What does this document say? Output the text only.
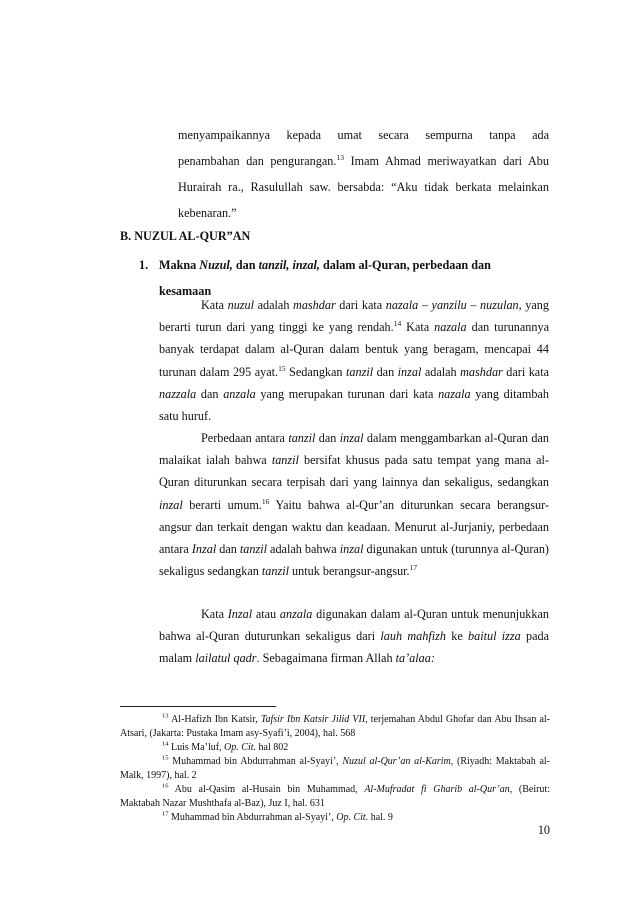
menyampaikannya kepada umat secara sempurna tanpa ada

penambahan dan pengurangan.$^{13}$ Imam Ahmad meriwayatkan dari Abu

Hurairah ra., Rasulullah saw. bersabda: “Aku tidak berkata melainkan

kebenaran.”

B. NUZUL AL-QUR”AN
1. Makna Nuzul, dan tanzil, inzal, dalam al-Quran, perbedaan dan
kesamaan

Kata nuzul adalah mashdar dari kata nazala – yanzilu – nuzulan, yang berarti turun dari yang tinggi ke yang rendah.$^{14}$ Kata nazala dan turunannya banyak terdapat dalam al-Quran dalam bentuk yang beragam, mencapai 44 turunan dalam 295 ayat.$^{15}$ Sedangkan tanzil dan inzal adalah mashdar dari kata nazzala dan anzala yang merupakan turunan dari kata nazala yang ditambah satu huruf.

Perbedaan antara tanzil dan inzal dalam menggambarkan al-Quran dan malaikat ialah bahwa tanzil bersifat khusus pada satu tempat yang mana al-Quran diturunkan secara terpisah dari yang lainnya dan sekaligus, sedangkan inzal berarti umum.$^{16}$ Yaitu bahwa al-Qur’an diturunkan secara berangsur-angsur dan terkait dengan waktu dan keadaan. Menurut al-Jurjaniy, perbedaan antara Inzal dan tanzil adalah bahwa inzal digunakan untuk (turunnya al-Quran) sekaligus sedangkan tanzil untuk berangsur-angsur.$^{17}$

Kata Inzal atau anzala digunakan dalam al-Quran untuk menunjukkan bahwa al-Quran duturunkan sekaligus dari lauh mahfizh ke baitul izza pada malam lailatul qadr. Sebagaimana firman Allah ta’alaa:

$^{13}$ Al-Hafizh Ibn Katsir, Tafsir Ibn Katsir Jilid VII, terjemahan Abdul Ghofar dan Abu Ihsan al-Atsari, (Jakarta: Pustaka Imam asy-Syafi’i, 2004), hal. 568

$^{14}$ Luis Ma’luf, Op. Cit. hal 802

$^{15}$ Muhammad bin Abdurrahman al-Syayi’, Nuzul al-Qur’an al-Karim, (Riyadh: Maktabah al-Malk, 1997), hal. 2

$^{16}$ Abu al-Qasim al-Husain bin Muhammad, Al-Mufradat fi Gharib al-Qur’an, (Beirut: Maktabah Nazar Mushthafa al-Baz), Juz I, hal. 631

$^{17}$ Muhammad bin Abdurrahman al-Syayi’, Op. Cit. hal. 9

10
